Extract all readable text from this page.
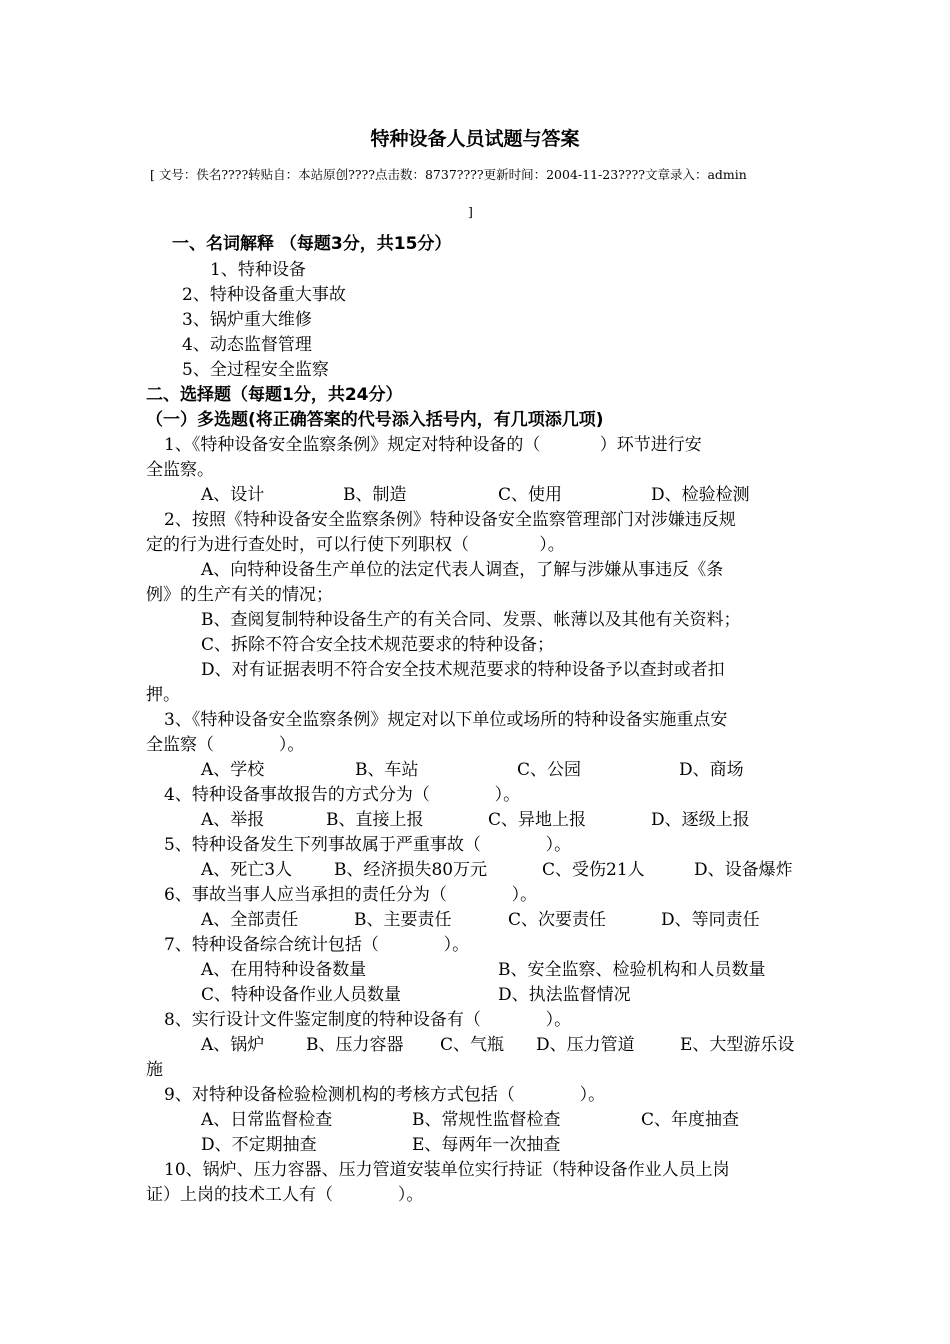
特种设备人员试题与答案
[ 文号：佚名????转贴自：本站原创????点击数：8737????更新时间：2004-11-23????文章录入：admin
]
一、名词解释 （每题3分，共15分）
1、特种设备
2、特种设备重大事故
3、锅炉重大维修
4、动态监督管理
5、全过程安全监察
二、选择题（每题1分，共24分）
（一）多选题(将正确答案的代号添入括号内，有几项添几项)
1、《特种设备安全监察条例》规定对特种设备的（           ）环节进行安
全监察。
A、设计	B、制造	C、使用	D、检验检测
2、按照《特种设备安全监察条例》特种设备安全监察管理部门对涉嫌违反规
定的行为进行查处时，可以行使下列职权（             ）。
A、向特种设备生产单位的法定代表人调查，了解与涉嫌从事违反《条
例》的生产有关的情况；
B、查阅复制特种设备生产的有关合同、发票、帐薄以及其他有关资料；
C、拆除不符合安全技术规范要求的特种设备；
D、对有证据表明不符合安全技术规范要求的特种设备予以查封或者扣
押。
3、《特种设备安全监察条例》规定对以下单位或场所的特种设备实施重点安
全监察（            ）。
A、学校	B、车站	C、公园	D、商场
4、特种设备事故报告的方式分为（            ）。
A、举报	B、直接上报	C、异地上报	D、逐级上报
5、特种设备发生下列事故属于严重事故（            ）。
A、死亡3人 B、经济损失80万元	C、受伤21人	D、设备爆炸
6、事故当事人应当承担的责任分为（            ）。
A、全部责任	B、主要责任	C、次要责任	D、等同责任
7、特种设备综合统计包括（            ）。
A、在用特种设备数量	B、安全监察、检验机构和人员数量
C、特种设备作业人员数量	D、执法监督情况
8、实行设计文件鉴定制度的特种设备有（            ）。
A、锅炉 B、压力容器 C、气瓶 D、压力管道	E、大型游乐设
施
9、对特种设备检验检测机构的考核方式包括（            ）。
A、日常监督检查	B、常规性监督检查	C、年度抽查
D、不定期抽查	E、每两年一次抽查
10、锅炉、压力容器、压力管道安装单位实行持证（特种设备作业人员上岗
证）上岗的技术工人有（            ）。
